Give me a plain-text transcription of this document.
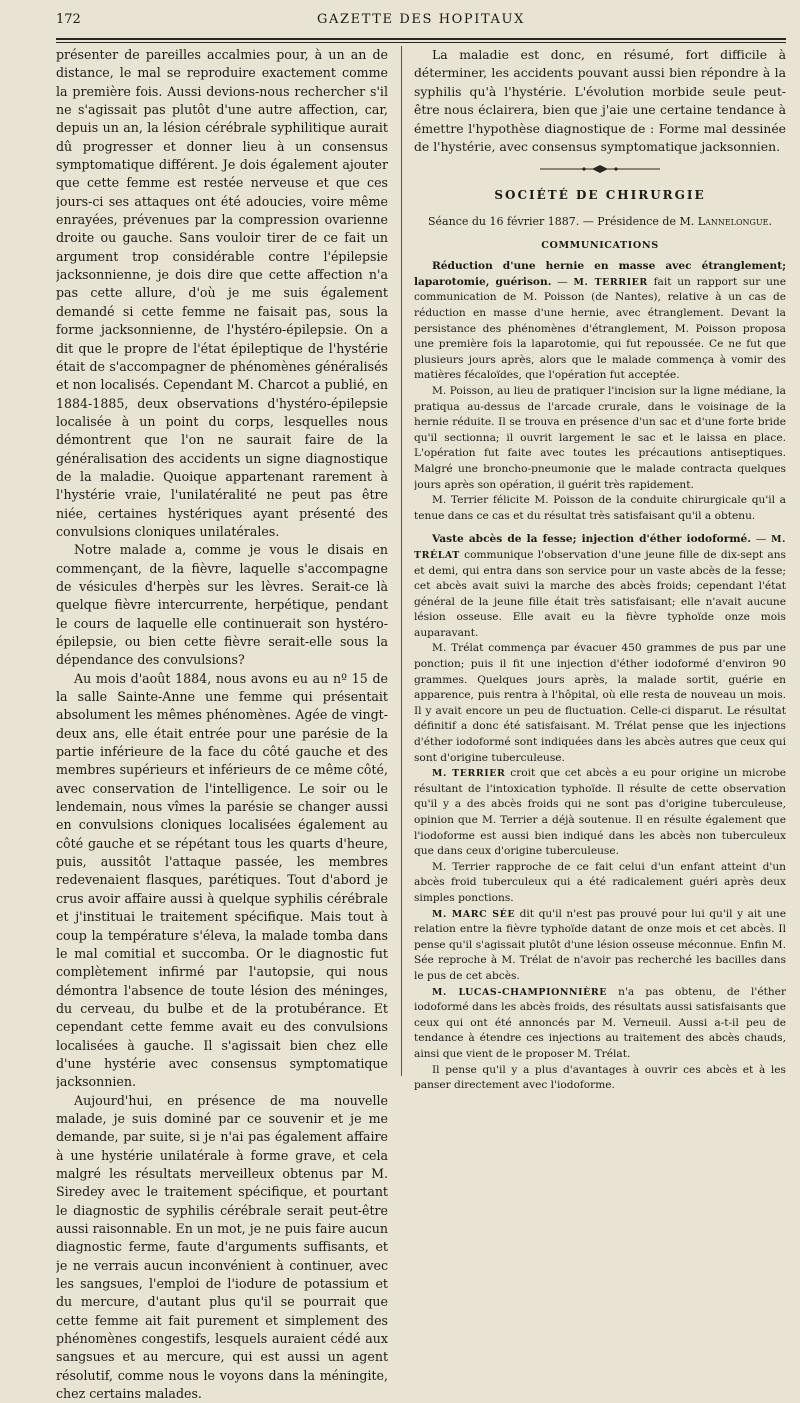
172	GAZETTE DES HOPITAUX

présenter de pareilles accalmies pour, à un an de distance, le mal se reproduire exactement comme la première fois. Aussi devions-nous rechercher s'il ne s'agissait pas plutôt d'une autre affection, car, depuis un an, la lésion cérébrale syphilitique aurait dû progresser et donner lieu à un consensus symptomatique différent. Je dois également ajouter que cette femme est restée nerveuse et que ces jours-ci ses attaques ont été adoucies, voire même enrayées, prévenues par la compression ovarienne droite ou gauche. Sans vouloir tirer de ce fait un argument trop considérable contre l'épilepsie jacksonnienne, je dois dire que cette affection n'a pas cette allure, d'où je me suis également demandé si cette femme ne faisait pas, sous la forme jacksonnienne, de l'hystéro-épilepsie. On a dit que le propre de l'état épileptique de l'hystérie était de s'accompagner de phénomènes généralisés et non localisés. Cependant M. Charcot a publié, en 1884-1885, deux observations d'hystéro-épilepsie localisée à un point du corps, lesquelles nous démontrent que l'on ne saurait faire de la généralisation des accidents un signe diagnostique de la maladie. Quoique appartenant rarement à l'hystérie vraie, l'unilatéralité ne peut pas être niée, certaines hystériques ayant présenté des convulsions cloniques unilatérales.

Notre malade a, comme je vous le disais en commençant, de la fièvre, laquelle s'accompagne de vésicules d'herpès sur les lèvres. Serait-ce là quelque fièvre intercurrente, herpétique, pendant le cours de laquelle elle continuerait son hystéro-épilepsie, ou bien cette fièvre serait-elle sous la dépendance des convulsions?

Au mois d'août 1884, nous avons eu au nº 15 de la salle Sainte-Anne une femme qui présentait absolument les mêmes phénomènes. Agée de vingt-deux ans, elle était entrée pour une parésie de la partie inférieure de la face du côté gauche et des membres supérieurs et inférieurs de ce même côté, avec conservation de l'intelligence. Le soir ou le lendemain, nous vîmes la parésie se changer aussi en convulsions cloniques localisées également au côté gauche et se répétant tous les quarts d'heure, puis, aussitôt l'attaque passée, les membres redevenaient flasques, parétiques. Tout d'abord je crus avoir affaire aussi à quelque syphilis cérébrale et j'instituai le traitement spécifique. Mais tout à coup la température s'éleva, la malade tomba dans le mal comitial et succomba. Or le diagnostic fut complètement infirmé par l'autopsie, qui nous démontra l'absence de toute lésion des méninges, du cerveau, du bulbe et de la protubérance. Et cependant cette femme avait eu des convulsions localisées à gauche. Il s'agissait bien chez elle d'une hystérie avec consensus symptomatique jacksonnien.

Aujourd'hui, en présence de ma nouvelle malade, je suis dominé par ce souvenir et je me demande, par suite, si je n'ai pas également affaire à une hystérie unilatérale à forme grave, et cela malgré les résultats merveilleux obtenus par M. Siredey avec le traitement spécifique, et pourtant le diagnostic de syphilis cérébrale serait peut-être aussi raisonnable. En un mot, je ne puis faire aucun diagnostic ferme, faute d'arguments suffisants, et je ne verrais aucun inconvénient à continuer, avec les sangsues, l'emploi de l'iodure de potassium et du mercure, d'autant plus qu'il se pourrait que cette femme ait fait purement et simplement des phénomènes congestifs, lesquels auraient cédé aux sangsues et au mercure, qui est aussi un agent résolutif, comme nous le voyons dans la méningite, chez certains malades.

La maladie est donc, en résumé, fort difficile à déterminer, les accidents pouvant aussi bien répondre à la syphilis qu'à l'hystérie. L'évolution morbide seule peut-être nous éclairera, bien que j'aie une certaine tendance à émettre l'hypothèse diagnostique de : Forme mal dessinée de l'hystérie, avec consensus symptomatique jacksonnien.

SOCIÉTÉ DE CHIRURGIE
Séance du 16 février 1887. — Présidence de M. Lannelongue.
COMMUNICATIONS

Réduction d'une hernie en masse avec étranglement; laparotomie, guérison. — M. TERRIER fait un rapport sur une communication de M. Poisson (de Nantes), relative à un cas de réduction en masse d'une hernie, avec étranglement. Devant la persistance des phénomènes d'étranglement, M. Poisson proposa une première fois la laparotomie, qui fut repoussée. Ce ne fut que plusieurs jours après, alors que le malade commença à vomir des matières fécaloïdes, que l'opération fut acceptée.

M. Poisson, au lieu de pratiquer l'incision sur la ligne médiane, la pratiqua au-dessus de l'arcade crurale, dans le voisinage de la hernie réduite. Il se trouva en présence d'un sac et d'une forte bride qu'il sectionna; il ouvrit largement le sac et le laissa en place. L'opération fut faite avec toutes les précautions antiseptiques. Malgré une broncho-pneumonie que le malade contracta quelques jours après son opération, il guérit très rapidement.

M. Terrier félicite M. Poisson de la conduite chirurgicale qu'il a tenue dans ce cas et du résultat très satisfaisant qu'il a obtenu.

Vaste abcès de la fesse; injection d'éther iodoformé. — M. TRÉLAT communique l'observation d'une jeune fille de dix-sept ans et demi, qui entra dans son service pour un vaste abcès de la fesse; cet abcès avait suivi la marche des abcès froids; cependant l'état général de la jeune fille était très satisfaisant; elle n'avait aucune lésion osseuse. Elle avait eu la fièvre typhoïde onze mois auparavant.

M. Trélat commença par évacuer 450 grammes de pus par une ponction; puis il fit une injection d'éther iodoformé d'environ 90 grammes. Quelques jours après, la malade sortit, guérie en apparence, puis rentra à l'hôpital, où elle resta de nouveau un mois. Il y avait encore un peu de fluctuation. Celle-ci disparut. Le résultat définitif a donc été satisfaisant. M. Trélat pense que les injections d'éther iodoformé sont indiquées dans les abcès autres que ceux qui sont d'origine tuberculeuse.

M. TERRIER croit que cet abcès a eu pour origine un microbe résultant de l'intoxication typhoïde. Il résulte de cette observation qu'il y a des abcès froids qui ne sont pas d'origine tuberculeuse, opinion que M. Terrier a déjà soutenue. Il en résulte également que l'iodoforme est aussi bien indiqué dans les abcès non tuberculeux que dans ceux d'origine tuberculeuse.

M. Terrier rapproche de ce fait celui d'un enfant atteint d'un abcès froid tuberculeux qui a été radicalement guéri après deux simples ponctions.

M. MARC SÉE dit qu'il n'est pas prouvé pour lui qu'il y ait une relation entre la fièvre typhoïde datant de onze mois et cet abcès. Il pense qu'il s'agissait plutôt d'une lésion osseuse méconnue. Enfin M. Sée reproche à M. Trélat de n'avoir pas recherché les bacilles dans le pus de cet abcès.

M. LUCAS-CHAMPIONNIÈRE n'a pas obtenu, de l'éther iodoformé dans les abcès froids, des résultats aussi satisfaisants que ceux qui ont été annoncés par M. Verneuil. Aussi a-t-il peu de tendance à étendre ces injections au traitement des abcès chauds, ainsi que vient de le proposer M. Trélat.

Il pense qu'il y a plus d'avantages à ouvrir ces abcès et à les panser directement avec l'iodoforme.
